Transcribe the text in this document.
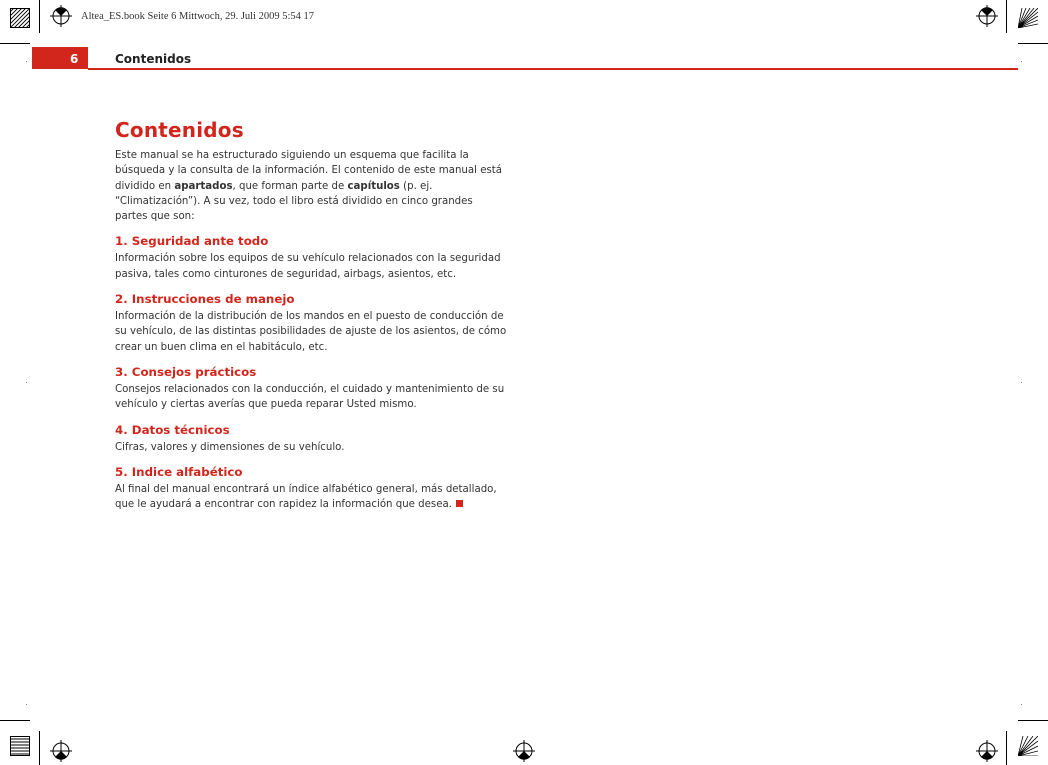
Altea_ES.book Seite 6 Mittwoch, 29. Juli 2009 5:54 17
6	Contenidos
Contenidos

Este manual se ha estructurado siguiendo un esquema que facilita la búsqueda y la consulta de la información. El contenido de este manual está dividido en apartados, que forman parte de capítulos (p. ej. “Climatización”). A su vez, todo el libro está dividido en cinco grandes partes que son:

1. Seguridad ante todo

Información sobre los equipos de su vehículo relacionados con la seguridad pasiva, tales como cinturones de seguridad, airbags, asientos, etc.

2. Instrucciones de manejo

Información de la distribución de los mandos en el puesto de conducción de su vehículo, de las distintas posibilidades de ajuste de los asientos, de cómo crear un buen clima en el habitáculo, etc.

3. Consejos prácticos

Consejos relacionados con la conducción, el cuidado y mantenimiento de su vehículo y ciertas averías que pueda reparar Usted mismo.

4. Datos técnicos

Cifras, valores y dimensiones de su vehículo.

5. Indice alfabético

Al final del manual encontrará un índice alfabético general, más detallado, que le ayudará a encontrar con rapidez la información que desea.
